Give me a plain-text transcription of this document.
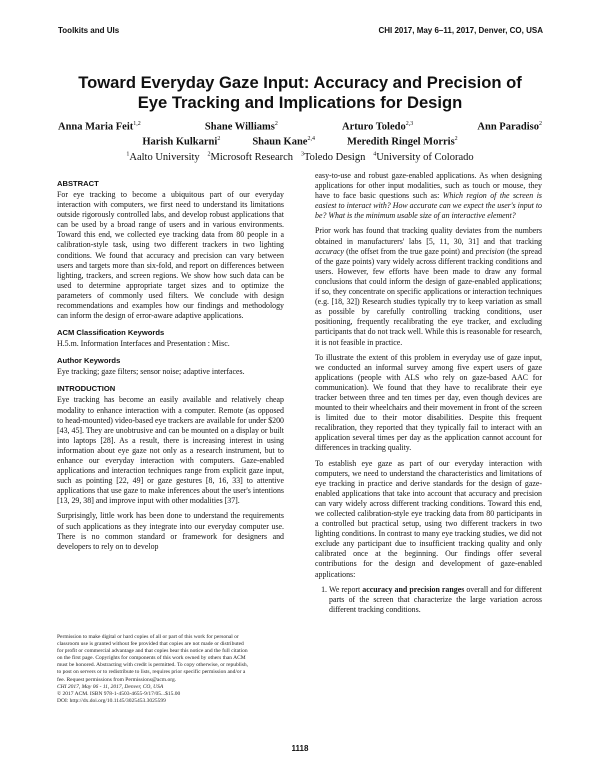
Toolkits and UIs	CHI 2017, May 6–11, 2017, Denver, CO, USA
Toward Everyday Gaze Input: Accuracy and Precision of
Eye Tracking and Implications for Design
Anna Maria Feit$^{1,2}$	Shane Williams$^2$	Arturo Toledo$^{2,3}$	Ann Paradiso$^2$
Harish Kulkarni$^2$	Shaun Kane$^{2,4}$	Meredith Ringel Morris$^2$
$^1$Aalto University $^2$Microsoft Research $^3$Toledo Design $^4$University of Colorado
ABSTRACT

For eye tracking to become a ubiquitous part of our everyday interaction with computers, we first need to understand its limitations outside rigorously controlled labs, and develop robust applications that can be used by a broad range of users and in various environments. Toward this end, we collected eye tracking data from 80 people in a calibration-style task, using two different trackers in two lighting conditions. We found that accuracy and precision can vary between users and targets more than six-fold, and report on differences between lighting, trackers, and screen regions. We show how such data can be used to determine appropriate target sizes and to optimize the parameters of commonly used filters. We conclude with design recommendations and examples how our findings and methodology can inform the design of error-aware adaptive applications.

ACM Classification Keywords

H.5.m. Information Interfaces and Presentation : Misc.

Author Keywords

Eye tracking; gaze filters; sensor noise; adaptive interfaces.

INTRODUCTION

Eye tracking has become an easily available and relatively cheap modality to enhance interaction with a computer. Remote (as opposed to head-mounted) video-based eye trackers are available for under $200 [43, 45]. They are unobtrusive and can be mounted on a display or built into laptops [28]. As a result, there is increasing interest in using information about eye gaze not only as a research instrument, but to enhance our everyday interaction with computers. Gaze-enabled applications and interaction techniques range from explicit gaze input, such as pointing [22, 49] or gaze gestures [8, 16, 33] to attentive applications that use gaze to make inferences about the user's intentions [13, 29, 38] and improve input with other modalities [37].

Surprisingly, little work has been done to understand the requirements of such applications as they integrate into our everyday computer use. There is no common standard or framework for designers and developers to rely on to develop

Permission to make digital or hard copies of all or part of this work for personal or
classroom use is granted without fee provided that copies are not made or distributed
for profit or commercial advantage and that copies bear this notice and the full citation
on the first page. Copyrights for components of this work owned by others than ACM
must be honored. Abstracting with credit is permitted. To copy otherwise, or republish,
to post on servers or to redistribute to lists, requires prior specific permission and/or a
fee. Request permissions from Permissions@acm.org.
CHI 2017, May 06 - 11, 2017, Denver, CO, USA
© 2017 ACM. ISBN 978-1-4503-4655-9/17/05...$15.00
DOI: http://dx.doi.org/10.1145/3025453.3025599

easy-to-use and robust gaze-enabled applications. As when designing applications for other input modalities, such as touch or mouse, they have to face basic questions such as: Which region of the screen is easiest to interact with? How accurate can we expect the user's input to be? What is the minimum usable size of an interactive element?

Prior work has found that tracking quality deviates from the numbers obtained in manufacturers' labs [5, 11, 30, 31] and that tracking accuracy (the offset from the true gaze point) and precision (the spread of the gaze points) vary widely across different tracking conditions and users. However, few efforts have been made to draw any formal conclusions that could inform the design of gaze-enabled applications; if so, they concentrate on specific applications or interaction techniques (e.g. [18, 32]) Research studies typically try to keep variation as small as possible by carefully controlling tracking conditions, user positioning, frequently recalibrating the eye tracker, and excluding participants that do not track well. While this is reasonable for research, it is not feasible in practice.

To illustrate the extent of this problem in everyday use of gaze input, we conducted an informal survey among five expert users of gaze applications (people with ALS who rely on gaze-based AAC for communication). We found that they have to recalibrate their eye tracker between three and ten times per day, even though devices are mounted to their wheelchairs and their movement in front of the screen is limited due to their motor disabilities. Despite this frequent recalibration, they reported that they typically fail to interact with an application several times per day as the application cannot account for differences in tracking quality.

To establish eye gaze as part of our everyday interaction with computers, we need to understand the characteristics and limitations of eye tracking in practice and derive standards for the design of gaze-enabled applications that take into account that accuracy and precision can vary widely across different tracking conditions. Toward this end, we collected calibration-style eye tracking data from 80 participants in a controlled but practical setup, using two different trackers in two lighting conditions. In contrast to many eye tracking studies, we did not exclude any participant due to insufficient tracking quality and only calibrated once at the beginning. Our findings offer several contributions for the design and development of gaze-enabled applications:

1. We report accuracy and precision ranges overall and for different parts of the screen that characterize the large variation across different tracking conditions.
1118
